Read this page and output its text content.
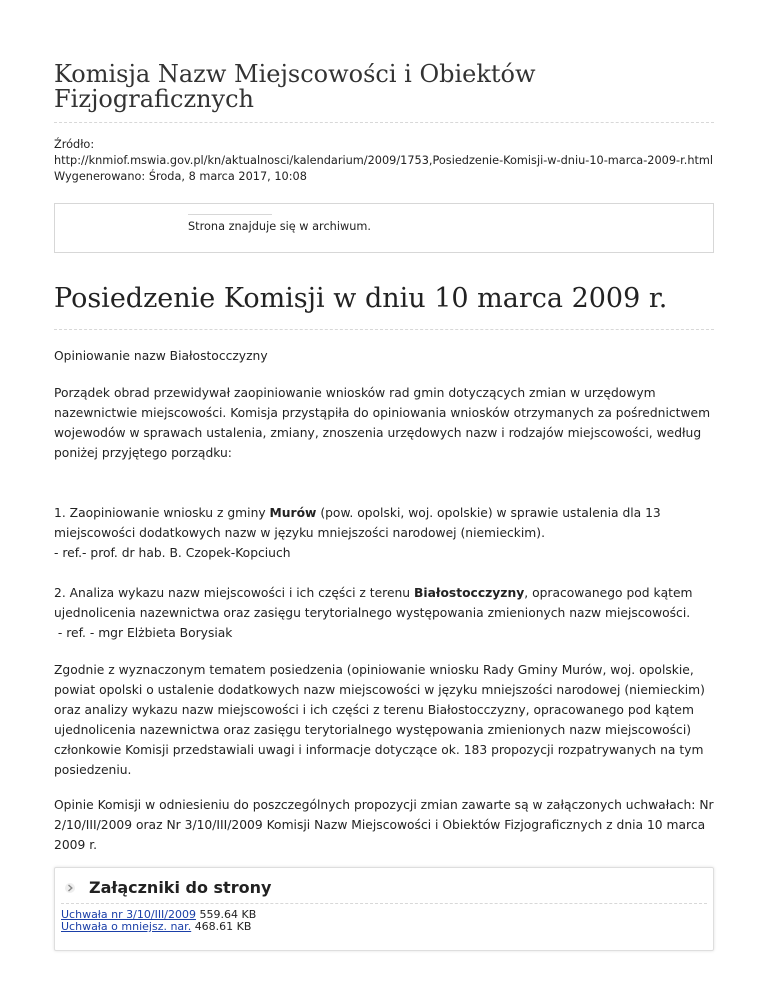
Komisja Nazw Miejscowości i Obiektów Fizjograficznych
Źródło:
http://knmiof.mswia.gov.pl/kn/aktualnosci/kalendarium/2009/1753,Posiedzenie-Komisji-w-dniu-10-marca-2009-r.html
Wygenerowano: Środa, 8 marca 2017, 10:08
Strona znajduje się w archiwum.
Posiedzenie Komisji w dniu 10 marca 2009 r.

Opiniowanie nazw Białostocczyzny

Porządek obrad przewidywał zaopiniowanie wniosków rad gmin dotyczących zmian w urzędowym nazewnictwie miejscowości. Komisja przystąpiła do opiniowania wniosków otrzymanych za pośrednictwem wojewodów w sprawach ustalenia, zmiany, znoszenia urzędowych nazw i rodzajów miejscowości, według poniżej przyjętego porządku:

1. Zaopiniowanie wniosku z gminy Murów (pow. opolski, woj. opolskie) w sprawie ustalenia dla 13 miejscowości dodatkowych nazw w języku mniejszości narodowej (niemieckim).
- ref.- prof. dr hab. B. Czopek-Kopciuch

2. Analiza wykazu nazw miejscowości i ich części z terenu Białostocczyzny, opracowanego pod kątem ujednolicenia nazewnictwa oraz zasięgu terytorialnego występowania zmienionych nazw miejscowości.
- ref. - mgr Elżbieta Borysiak

Zgodnie z wyznaczonym tematem posiedzenia (opiniowanie wniosku Rady Gminy Murów, woj. opolskie, powiat opolski o ustalenie dodatkowych nazw miejscowości w języku mniejszości narodowej (niemieckim) oraz analizy wykazu nazw miejscowości i ich części z terenu Białostocczyzny, opracowanego pod kątem ujednolicenia nazewnictwa oraz zasięgu terytorialnego występowania zmienionych nazw miejscowości) członkowie Komisji przedstawiali uwagi i informacje dotyczące ok. 183 propozycji rozpatrywanych na tym posiedzeniu.

Opinie Komisji w odniesieniu do poszczególnych propozycji zmian zawarte są w załączonych uchwałach: Nr 2/10/III/2009 oraz Nr 3/10/III/2009 Komisji Nazw Miejscowości i Obiektów Fizjograficznych z dnia 10 marca 2009 r.

Załączniki do strony
Uchwała nr 3/10/III/2009 559.64 KB
Uchwała o mniejsz. nar. 468.61 KB
